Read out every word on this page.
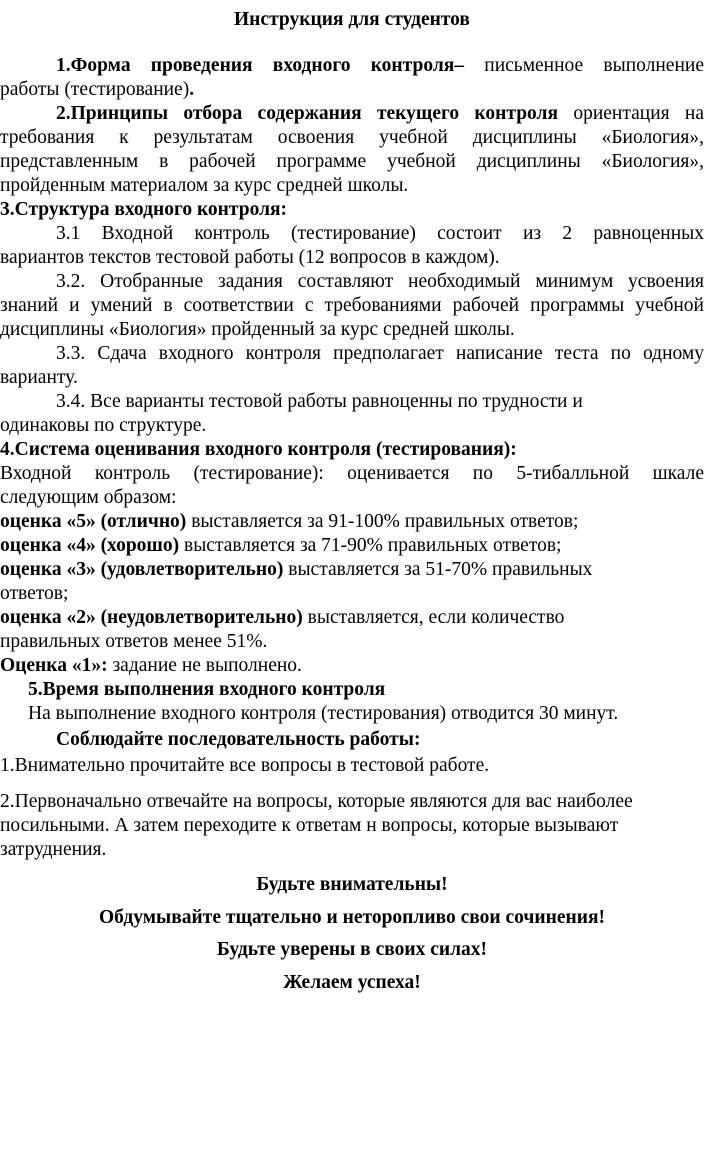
Инструкция для студентов
1.Форма проведения входного контроля– письменное выполнение
работы (тестирование).
2.Принципы отбора содержания текущего контроля ориентация на
требования к результатам освоения учебной дисциплины «Биология»,
представленным в рабочей программе учебной дисциплины «Биология»,
пройденным материалом за курс средней школы.
3.Структура входного контроля:
3.1 Входной контроль (тестирование) состоит из 2 равноценных
вариантов текстов тестовой работы (12 вопросов в каждом).
3.2. Отобранные задания составляют необходимый минимум усвоения
знаний и умений в соответствии с требованиями рабочей программы учебной
дисциплины «Биология» пройденный за курс средней школы.
3.3. Сдача входного контроля предполагает написание теста по одному
варианту.
3.4. Все варианты тестовой работы равноценны по трудности и
одинаковы по структуре.
4.Система оценивания входного контроля (тестирования):
Входной контроль (тестирование): оценивается по 5-тибалльной шкале
следующим образом:
оценка «5» (отлично) выставляется за 91-100% правильных ответов;
оценка «4» (хорошо) выставляется за 71-90% правильных ответов;
оценка «3» (удовлетворительно) выставляется за 51-70% правильных
ответов;
оценка «2» (неудовлетворительно) выставляется, если количество
правильных ответов менее 51%.
Оценка «1»: задание не выполнено.
5.Время выполнения входного контроля
На выполнение входного контроля (тестирования) отводится 30 минут.
Соблюдайте последовательность работы:
1.Внимательно прочитайте все вопросы в тестовой работе.
2.Первоначально отвечайте на вопросы, которые являются для вас наиболее
посильными. А затем переходите к ответам н вопросы, которые вызывают
затруднения.
Будьте внимательны!
Обдумывайте тщательно и неторопливо свои сочинения!
Будьте уверены в своих силах!
Желаем успеха!
